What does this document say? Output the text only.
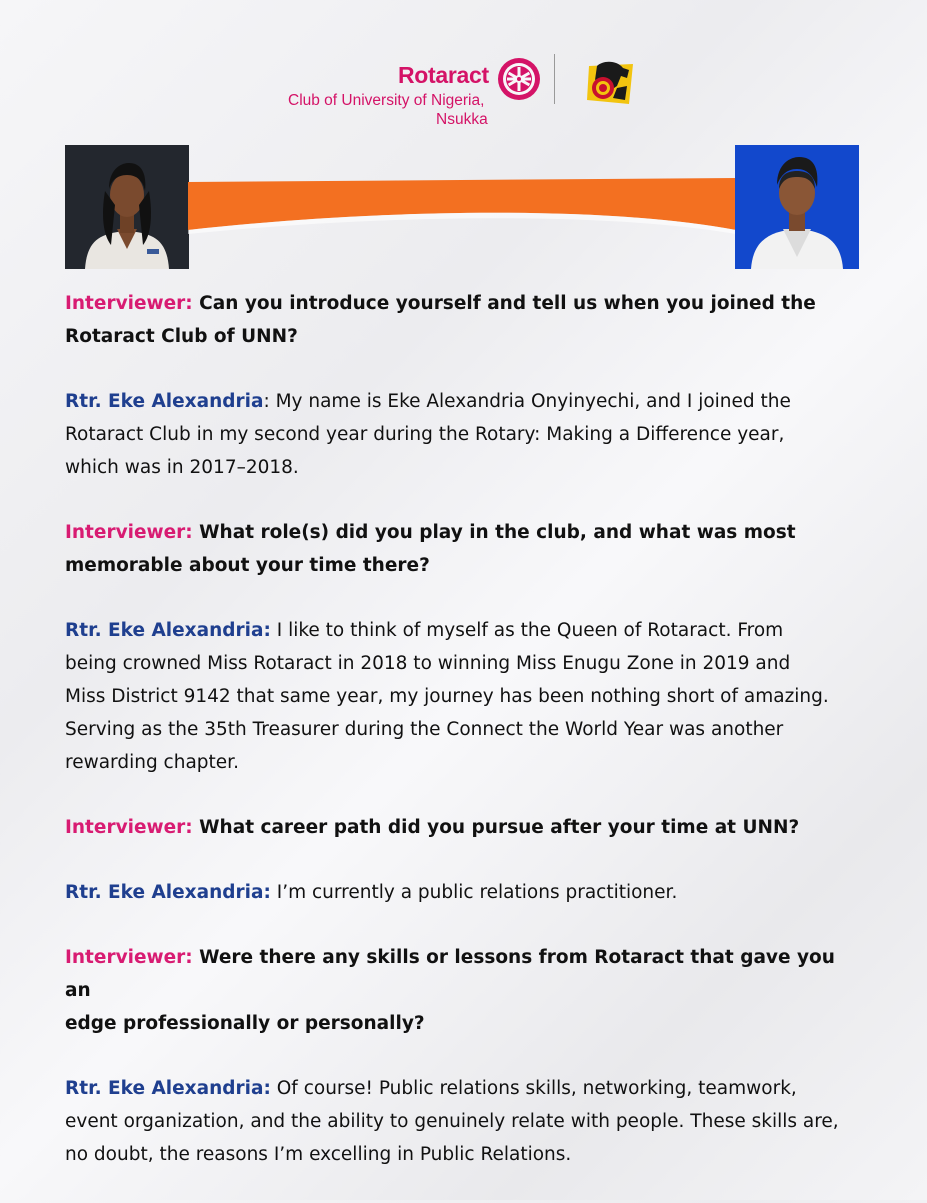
Rotaract
Club of University of Nigeria,
Nsukka
Interviewer: Can you introduce yourself and tell us when you joined the
Rotaract Club of UNN?
Rtr. Eke Alexandria: My name is Eke Alexandria Onyinyechi, and I joined the
Rotaract Club in my second year during the Rotary: Making a Difference year,
which was in 2017–2018.
Interviewer: What role(s) did you play in the club, and what was most
memorable about your time there?
Rtr. Eke Alexandria: I like to think of myself as the Queen of Rotaract. From
being crowned Miss Rotaract in 2018 to winning Miss Enugu Zone in 2019 and
Miss District 9142 that same year, my journey has been nothing short of amazing.
Serving as the 35th Treasurer during the Connect the World Year was another
rewarding chapter.
Interviewer: What career path did you pursue after your time at UNN?
Rtr. Eke Alexandria: I’m currently a public relations practitioner.
Interviewer: Were there any skills or lessons from Rotaract that gave you an
edge professionally or personally?
Rtr. Eke Alexandria: Of course! Public relations skills, networking, teamwork,
event organization, and the ability to genuinely relate with people. These skills are,
no doubt, the reasons I’m excelling in Public Relations.
